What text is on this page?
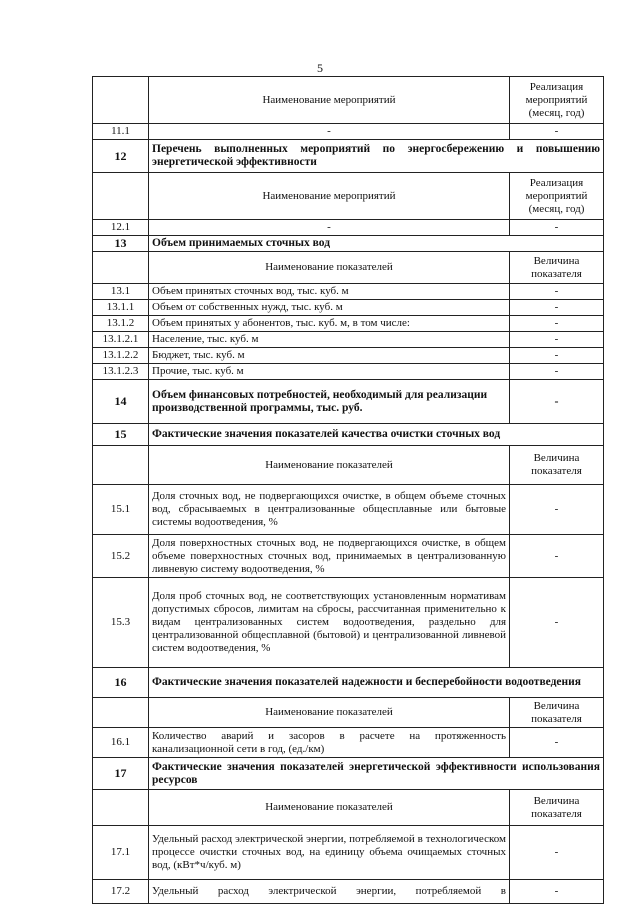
5
	Наименование мероприятий	Реализация мероприятий (месяц, год)
11.1	-	-
12	Перечень выполненных мероприятий по энергосбережению и повышению энергетической эффективности	
	Наименование мероприятий	Реализация мероприятий (месяц, год)
12.1	-	-
13	Объем принимаемых сточных вод	
	Наименование показателей	Величина показателя
13.1	Объем принятых сточных вод, тыс. куб. м	-
13.1.1	Объем от собственных нужд, тыс. куб. м	-
13.1.2	Объем принятых у абонентов, тыс. куб. м, в том числе:	-
13.1.2.1	Население, тыс. куб. м	-
13.1.2.2	Бюджет, тыс. куб. м	-
13.1.2.3	Прочие, тыс. куб. м	-
14	Объем финансовых потребностей, необходимый для реализации производственной программы, тыс. руб.	-
15	Фактические значения показателей качества очистки сточных вод	
	Наименование показателей	Величина показателя
15.1	Доля сточных вод, не подвергающихся очистке, в общем объеме сточных вод, сбрасываемых в централизованные общесплавные или бытовые системы водоотведения, %	-
15.2	Доля поверхностных сточных вод, не подвергающихся очистке, в общем объеме поверхностных сточных вод, принимаемых в централизованную ливневую систему водоотведения, %	-
15.3	Доля проб сточных вод, не соответствующих установленным нормативам допустимых сбросов, лимитам на сбросы, рассчитанная применительно к видам централизованных систем водоотведения, раздельно для централизованной общесплавной (бытовой) и централизованной ливневой систем водоотведения, %	-
16	Фактические значения показателей надежности и бесперебойности водоотведения	
	Наименование показателей	Величина показателя
16.1	Количество аварий и засоров в расчете на протяженность канализационной сети в год, (ед./км)	-
17	Фактические значения показателей энергетической эффективности использования ресурсов	
	Наименование показателей	Величина показателя
17.1	Удельный расход электрической энергии, потребляемой в технологическом процессе очистки сточных вод, на единицу объема очищаемых сточных вод, (кВт*ч/куб. м)	-
17.2	Удельный расход электрической энергии, потребляемой в	-
